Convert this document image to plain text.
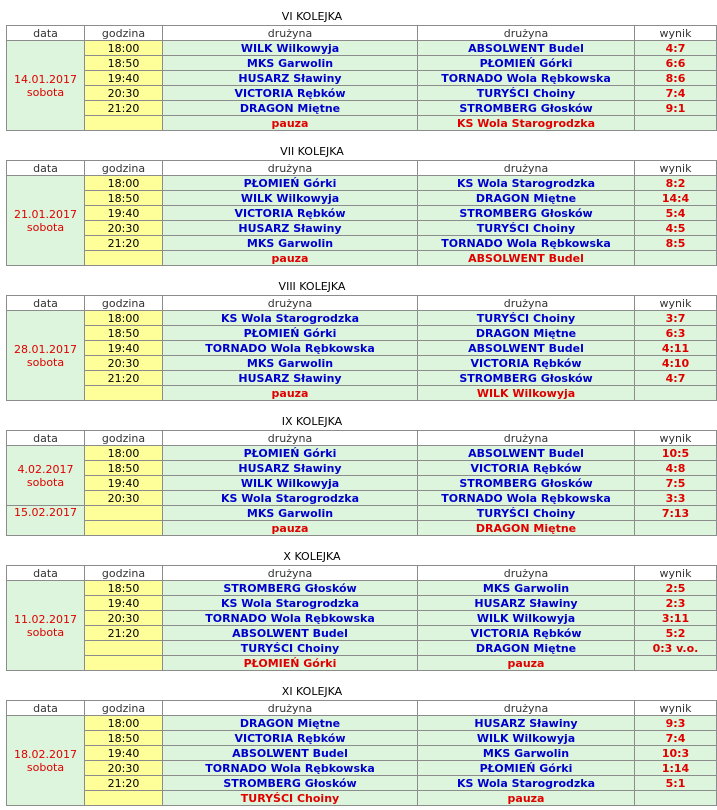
VI KOLEJKA
data	godzina	drużyna	drużyna	wynik

14.01.2017
sobota	18:00	WILK Wilkowyja	ABSOLWENT Budel	4:7
	18:50	MKS Garwolin	PŁOMIEŃ Górki	6:6
	19:40	HUSARZ Sławiny	TORNADO Wola Rębkowska	8:6
	20:30	VICTORIA Rębków	TURYŚCI Choiny	7:4
	21:20	DRAGON Miętne	STROMBERG Głosków	9:1
		pauza	KS Wola Starogrodzka	
VII KOLEJKA
data	godzina	drużyna	drużyna	wynik

21.01.2017
sobota	18:00	PŁOMIEŃ Górki	KS Wola Starogrodzka	8:2
	18:50	WILK Wilkowyja	DRAGON Miętne	14:4
	19:40	VICTORIA Rębków	STROMBERG Głosków	5:4
	20:30	HUSARZ Sławiny	TURYŚCI Choiny	4:5
	21:20	MKS Garwolin	TORNADO Wola Rębkowska	8:5
		pauza	ABSOLWENT Budel	
VIII KOLEJKA
data	godzina	drużyna	drużyna	wynik

28.01.2017
sobota	18:00	KS Wola Starogrodzka	TURYŚCI Choiny	3:7
	18:50	PŁOMIEŃ Górki	DRAGON Miętne	6:3
	19:40	TORNADO Wola Rębkowska	ABSOLWENT Budel	4:11
	20:30	MKS Garwolin	VICTORIA Rębków	4:10
	21:20	HUSARZ Sławiny	STROMBERG Głosków	4:7
		pauza	WILK Wilkowyja	
IX KOLEJKA
data	godzina	drużyna	drużyna	wynik

4.02.2017
sobota	18:00	PŁOMIEŃ Górki	ABSOLWENT Budel	10:5
	18:50	HUSARZ Sławiny	VICTORIA Rębków	4:8
	19:40	WILK Wilkowyja	STROMBERG Głosków	7:5
	20:30	KS Wola Starogrodzka	TORNADO Wola Rębkowska	3:3

15.02.2017		MKS Garwolin	TURYŚCI Choiny	7:13
		pauza	DRAGON Miętne	
X KOLEJKA
data	godzina	drużyna	drużyna	wynik

11.02.2017
sobota	18:50	STROMBERG Głosków	MKS Garwolin	2:5
	19:40	KS Wola Starogrodzka	HUSARZ Sławiny	2:3
	20:30	TORNADO Wola Rębkowska	WILK Wilkowyja	3:11
	21:20	ABSOLWENT Budel	VICTORIA Rębków	5:2
		TURYŚCI Choiny	DRAGON Miętne	0:3 v.o.
		PŁOMIEŃ Górki	pauza	
XI KOLEJKA
data	godzina	drużyna	drużyna	wynik

18.02.2017
sobota	18:00	DRAGON Miętne	HUSARZ Sławiny	9:3
	18:50	VICTORIA Rębków	WILK Wilkowyja	7:4
	19:40	ABSOLWENT Budel	MKS Garwolin	10:3
	20:30	TORNADO Wola Rębkowska	PŁOMIEŃ Górki	1:14
	21:20	STROMBERG Głosków	KS Wola Starogrodzka	5:1
		TURYŚCI Choiny	pauza	
